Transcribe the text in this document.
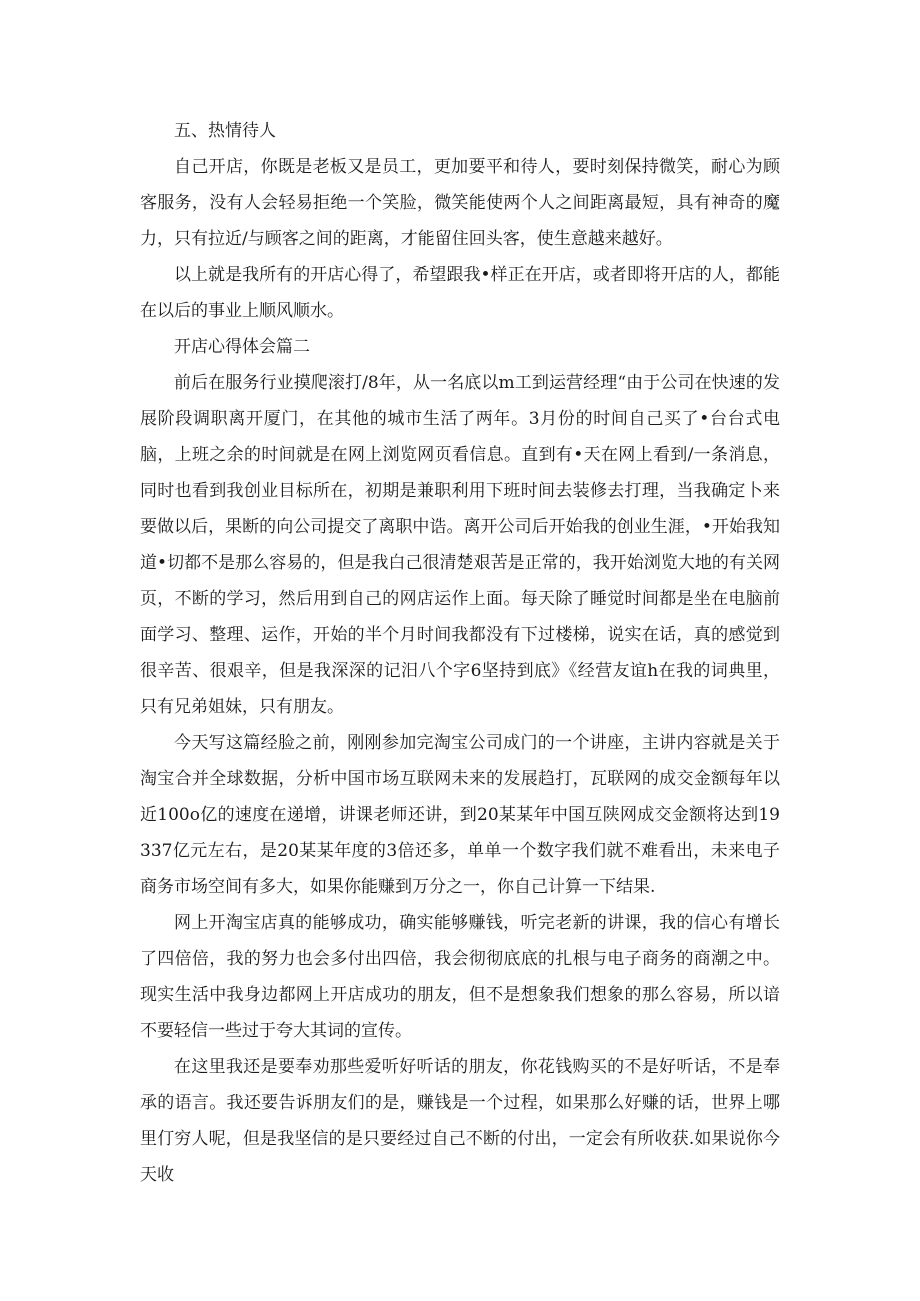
五、热情待人

自己开店，你既是老板又是员工，更加要平和待人，要时刻保持微笑，耐心为顾客服务，没有人会轻易拒绝一个笑脸，微笑能使两个人之间距离最短，具有神奇的魔力，只有拉近/与顾客之间的距离，才能留住回头客，使生意越来越好。

以上就是我所有的开店心得了，希望跟我•样正在开店，或者即将开店的人，都能在以后的事业上顺风顺水。

开店心得体会篇二

前后在服务行业摸爬滚打/8年，从一名底以m工到运营经理“由于公司在快速的发展阶段调职离开厦门，在其他的城市生活了两年。3月份的时间自己买了•台台式电脑，上班之余的时间就是在网上浏览网页看信息。直到有•天在网上看到/一条消息，同时也看到我创业目标所在，初期是兼职利用下班时间去装修去打理，当我确定卜来要做以后，果断的向公司提交了离职中诰。离开公司后开始我的创业生涯，•开始我知道•切都不是那么容易的，但是我白己很清楚艰苦是正常的，我开始浏览大地的有关网页，不断的学习，然后用到自己的网店运作上面。每天除了睡觉时间都是坐在电脑前面学习、整理、运作，开始的半个月时间我都没有下过楼梯，说实在话，真的感觉到很辛苦、很艰辛，但是我深深的记汨八个字6坚持到底》《经营友谊h在我的词典里，只有兄弟姐妹，只有朋友。

今天写这篇经脸之前，刚刚参加完淘宝公司成门的一个讲座，主讲内容就是关于淘宝合并全球数据，分析中国市场互联网未来的发展趋打，瓦联网的成交金额每年以近100o亿的速度在递增，讲课老师还讲，到20某某年中国互陕网成交金额将达到19337亿元左右，是20某某年度的3倍还多，单单一个数字我们就不难看出，未来电子商务市场空间有多大，如果你能赚到万分之一，你自己计算一下结果.

网上开淘宝店真的能够成功，确实能够赚钱，听完老新的讲课，我的信心有增长了四倍倍，我的努力也会多付出四倍，我会彻彻底底的扎根与电子商务的商潮之中。现实生活中我身边都网上开店成功的朋友，但不是想象我们想象的那么容易，所以谙不要轻信一些过于夸大其词的宣传。

在这里我还是要奉劝那些爱听好听话的朋友，你花钱购买的不是好听话，不是奉承的语言。我还要告诉朋友们的是，赚钱是一个过程，如果那么好赚的话，世界上哪里仃穷人呢，但是我坚信的是只要经过自己不断的付出，一定会有所收获.如果说你今天收
